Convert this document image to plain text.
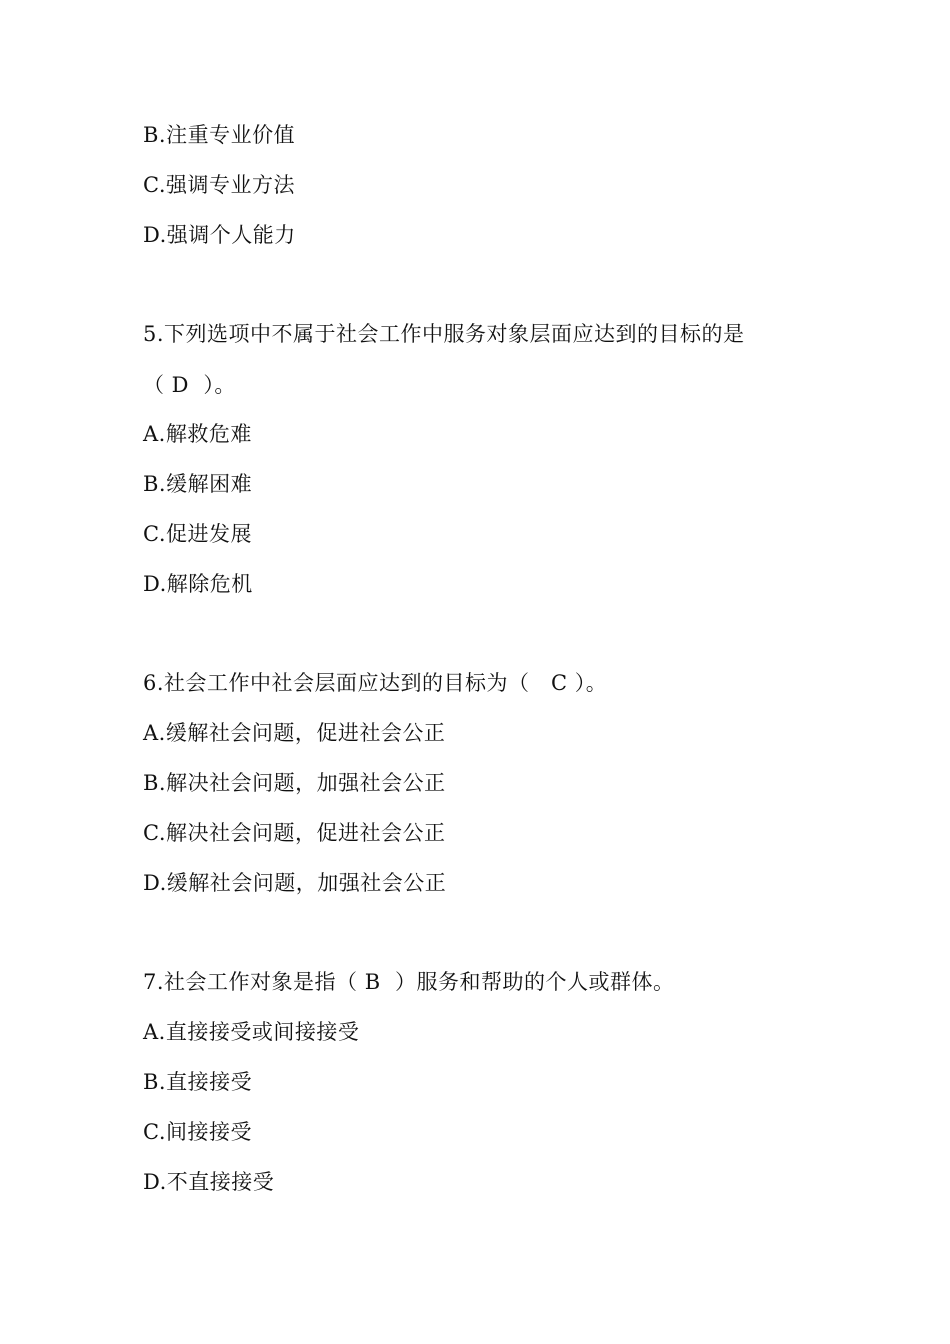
B.注重专业价值
C.强调专业方法
D.强调个人能力
5.下列选项中不属于社会工作中服务对象层面应达到的目标的是
（ D  ）。
A.解救危难
B.缓解困难
C.促进发展
D.解除危机
6.社会工作中社会层面应达到的目标为（   C ）。
A.缓解社会问题，促进社会公正
B.解决社会问题，加强社会公正
C.解决社会问题，促进社会公正
D.缓解社会问题，加强社会公正
7.社会工作对象是指（ B  ）服务和帮助的个人或群体。
A.直接接受或间接接受
B.直接接受
C.间接接受
D.不直接接受
